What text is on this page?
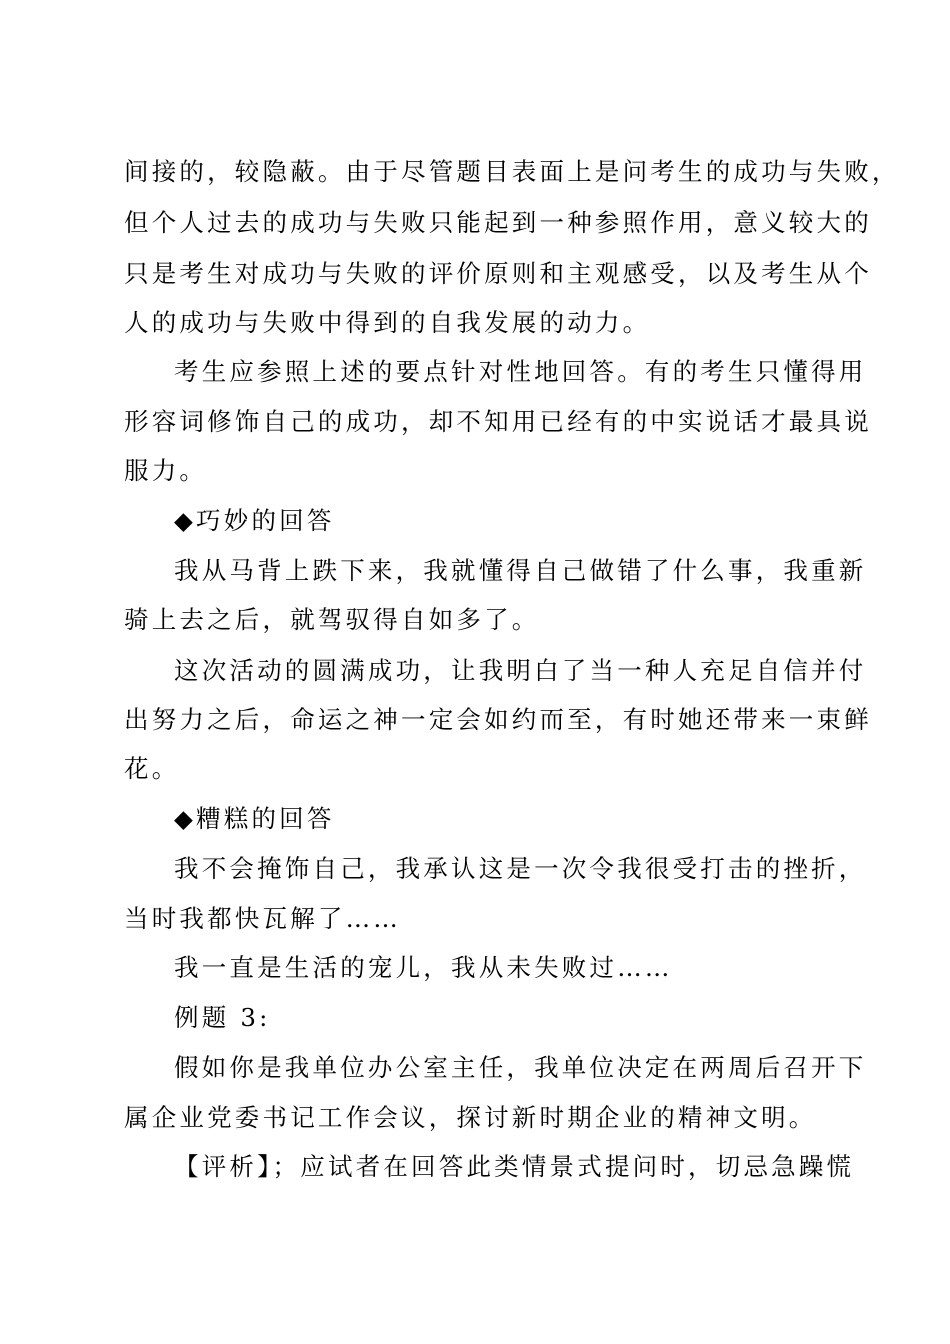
间接的，较隐蔽。由于尽管题目表面上是问考生的成功与失败，
但个人过去的成功与失败只能起到一种参照作用，意义较大的
只是考生对成功与失败的评价原则和主观感受，以及考生从个
人的成功与失败中得到的自我发展的动力。
考生应参照上述的要点针对性地回答。有的考生只懂得用
形容词修饰自己的成功，却不知用已经有的中实说话才最具说
服力。
◆巧妙的回答
我从马背上跌下来，我就懂得自己做错了什么事，我重新
骑上去之后，就驾驭得自如多了。
这次活动的圆满成功，让我明白了当一种人充足自信并付
出努力之后，命运之神一定会如约而至，有时她还带来一束鲜
花。
◆糟糕的回答
我不会掩饰自己，我承认这是一次令我很受打击的挫折，
当时我都快瓦解了……
我一直是生活的宠儿，我从未失败过……
例题 3:
假如你是我单位办公室主任，我单位决定在两周后召开下
属企业党委书记工作会议，探讨新时期企业的精神文明。
【评析】；应试者在回答此类情景式提问时，切忌急躁慌
